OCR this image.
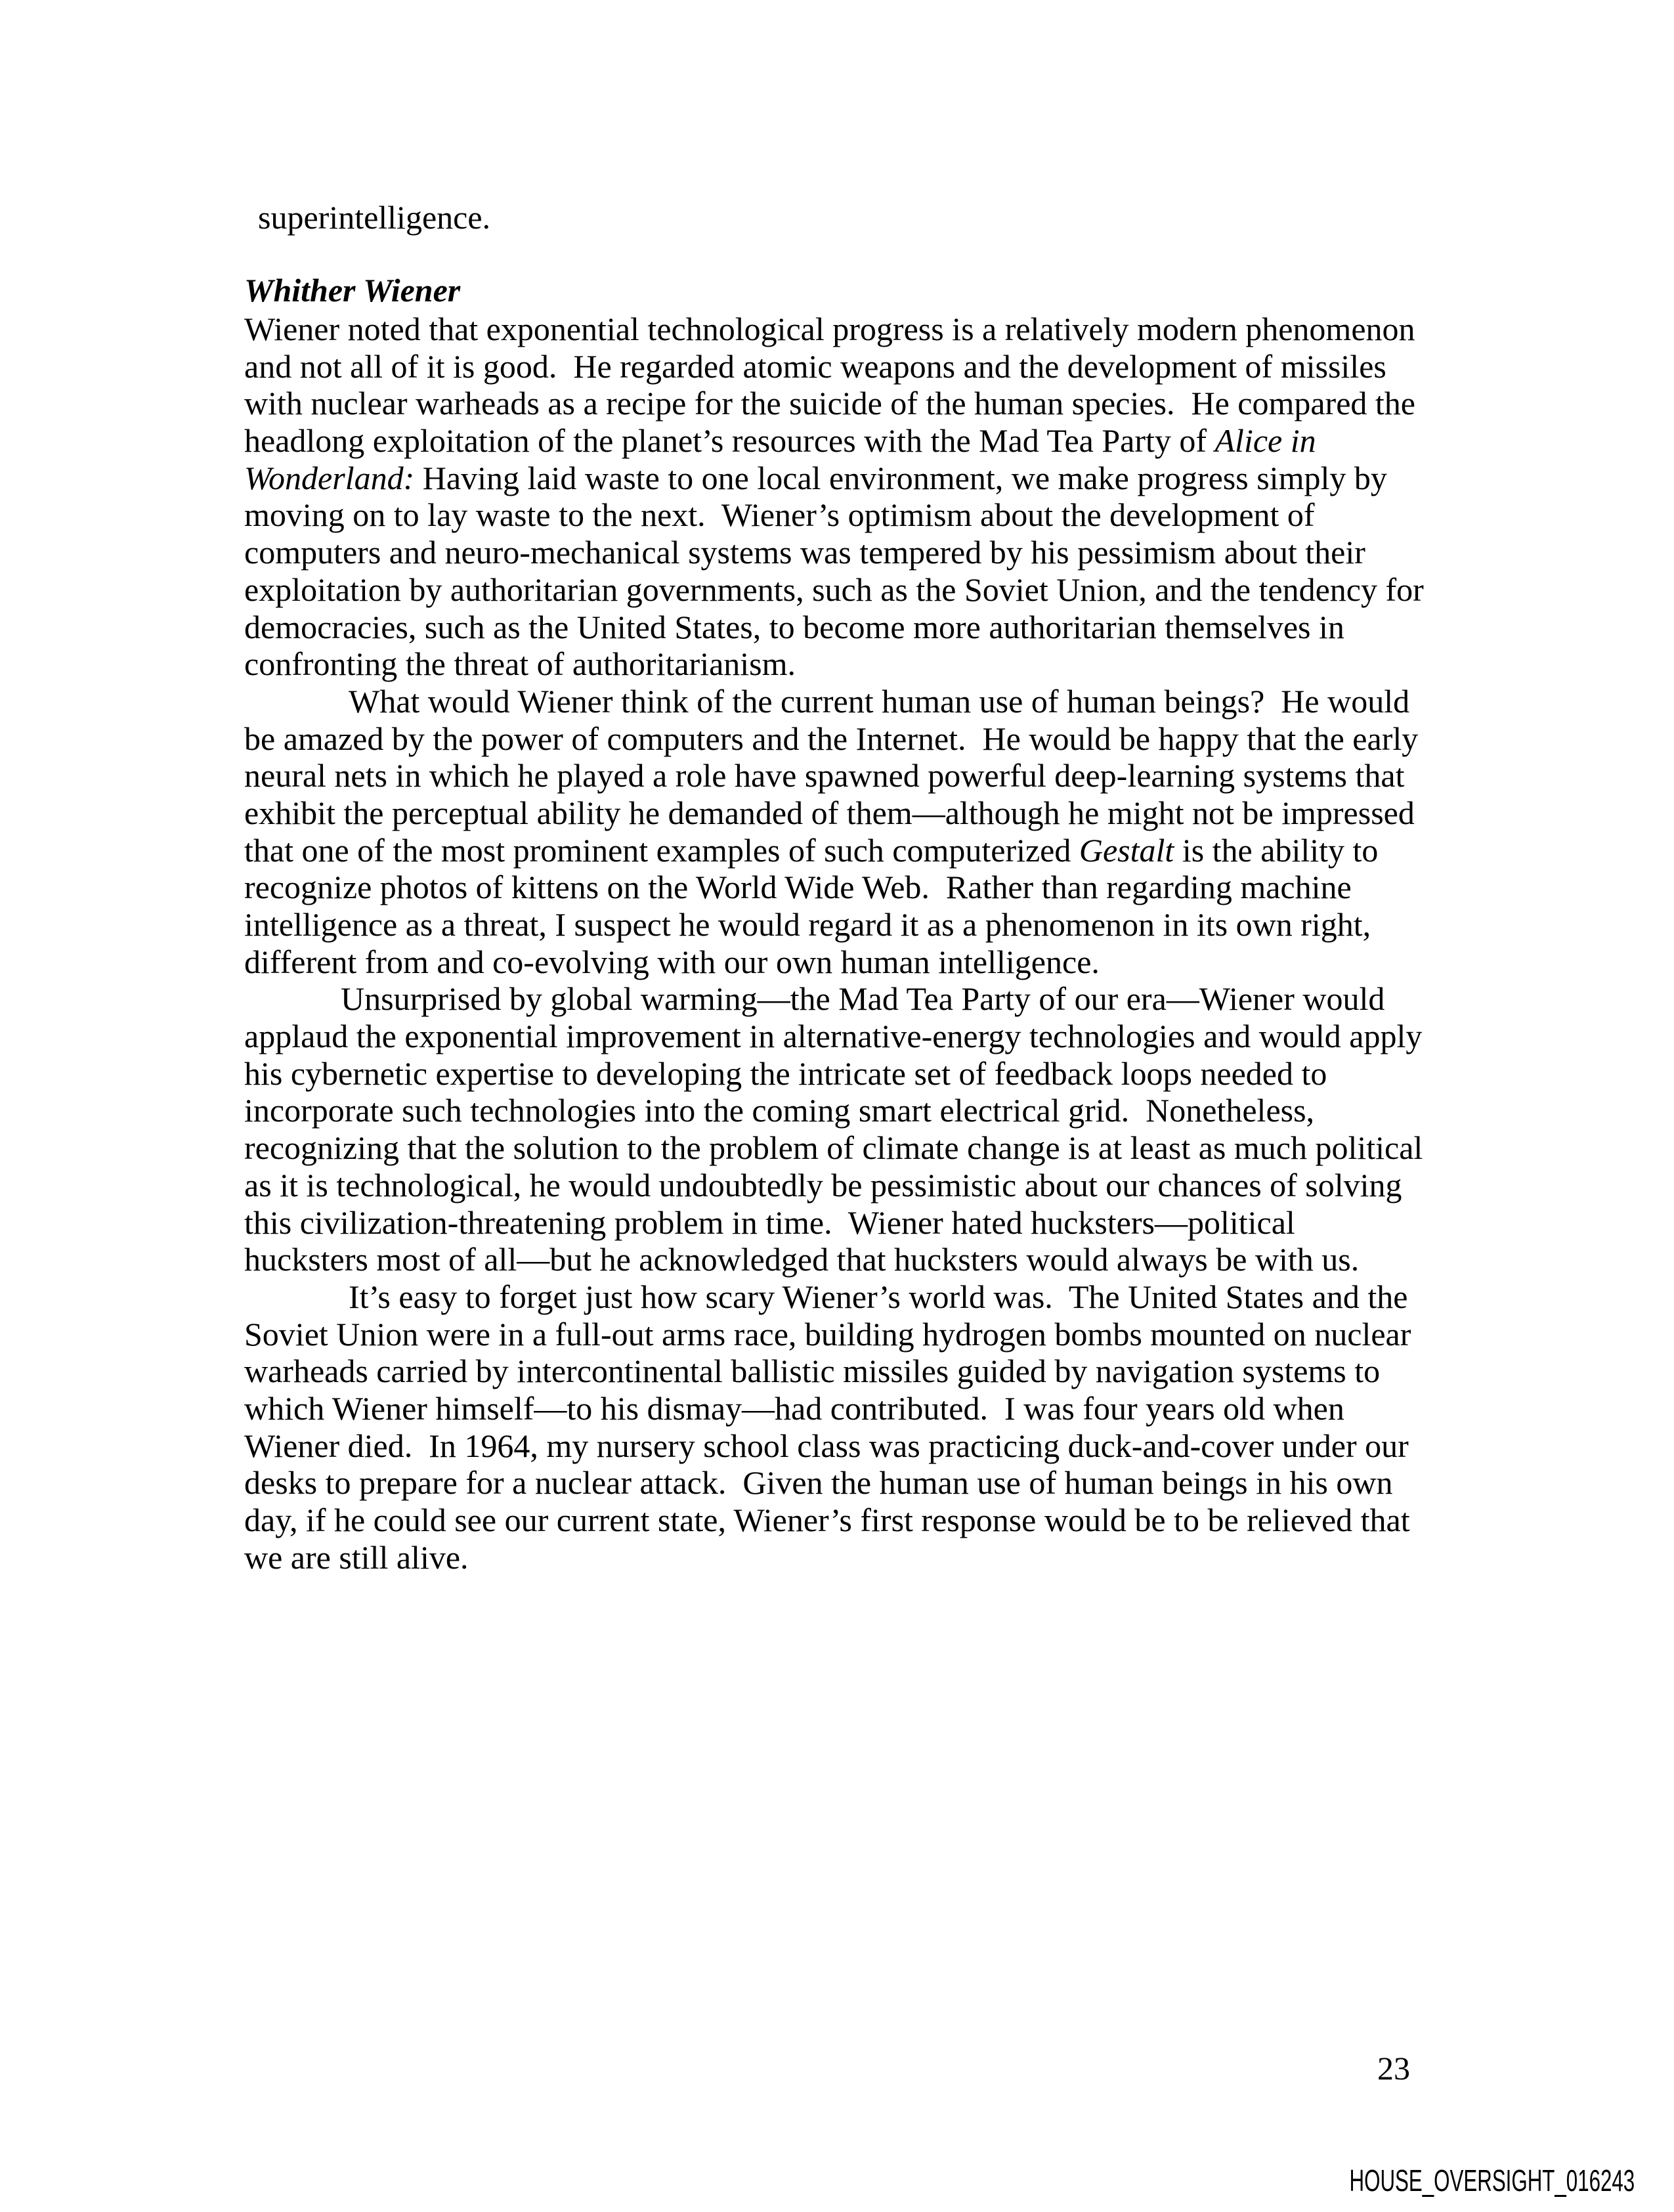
superintelligence.
Whither Wiener
Wiener noted that exponential technological progress is a relatively modern phenomenon
and not all of it is good.  He regarded atomic weapons and the development of missiles
with nuclear warheads as a recipe for the suicide of the human species.  He compared the
headlong exploitation of the planet’s resources with the Mad Tea Party of Alice in
Wonderland: Having laid waste to one local environment, we make progress simply by
moving on to lay waste to the next.  Wiener’s optimism about the development of
computers and neuro-mechanical systems was tempered by his pessimism about their
exploitation by authoritarian governments, such as the Soviet Union, and the tendency for
democracies, such as the United States, to become more authoritarian themselves in
confronting the threat of authoritarianism.
What would Wiener think of the current human use of human beings?  He would
be amazed by the power of computers and the Internet.  He would be happy that the early
neural nets in which he played a role have spawned powerful deep-learning systems that
exhibit the perceptual ability he demanded of them—although he might not be impressed
that one of the most prominent examples of such computerized Gestalt is the ability to
recognize photos of kittens on the World Wide Web.  Rather than regarding machine
intelligence as a threat, I suspect he would regard it as a phenomenon in its own right,
different from and co-evolving with our own human intelligence.
Unsurprised by global warming—the Mad Tea Party of our era—Wiener would
applaud the exponential improvement in alternative-energy technologies and would apply
his cybernetic expertise to developing the intricate set of feedback loops needed to
incorporate such technologies into the coming smart electrical grid.  Nonetheless,
recognizing that the solution to the problem of climate change is at least as much political
as it is technological, he would undoubtedly be pessimistic about our chances of solving
this civilization-threatening problem in time.  Wiener hated hucksters—political
hucksters most of all—but he acknowledged that hucksters would always be with us.
It’s easy to forget just how scary Wiener’s world was.  The United States and the
Soviet Union were in a full-out arms race, building hydrogen bombs mounted on nuclear
warheads carried by intercontinental ballistic missiles guided by navigation systems to
which Wiener himself—to his dismay—had contributed.  I was four years old when
Wiener died.  In 1964, my nursery school class was practicing duck-and-cover under our
desks to prepare for a nuclear attack.  Given the human use of human beings in his own
day, if he could see our current state, Wiener’s first response would be to be relieved that
we are still alive.
23
HOUSE_OVERSIGHT_016243
